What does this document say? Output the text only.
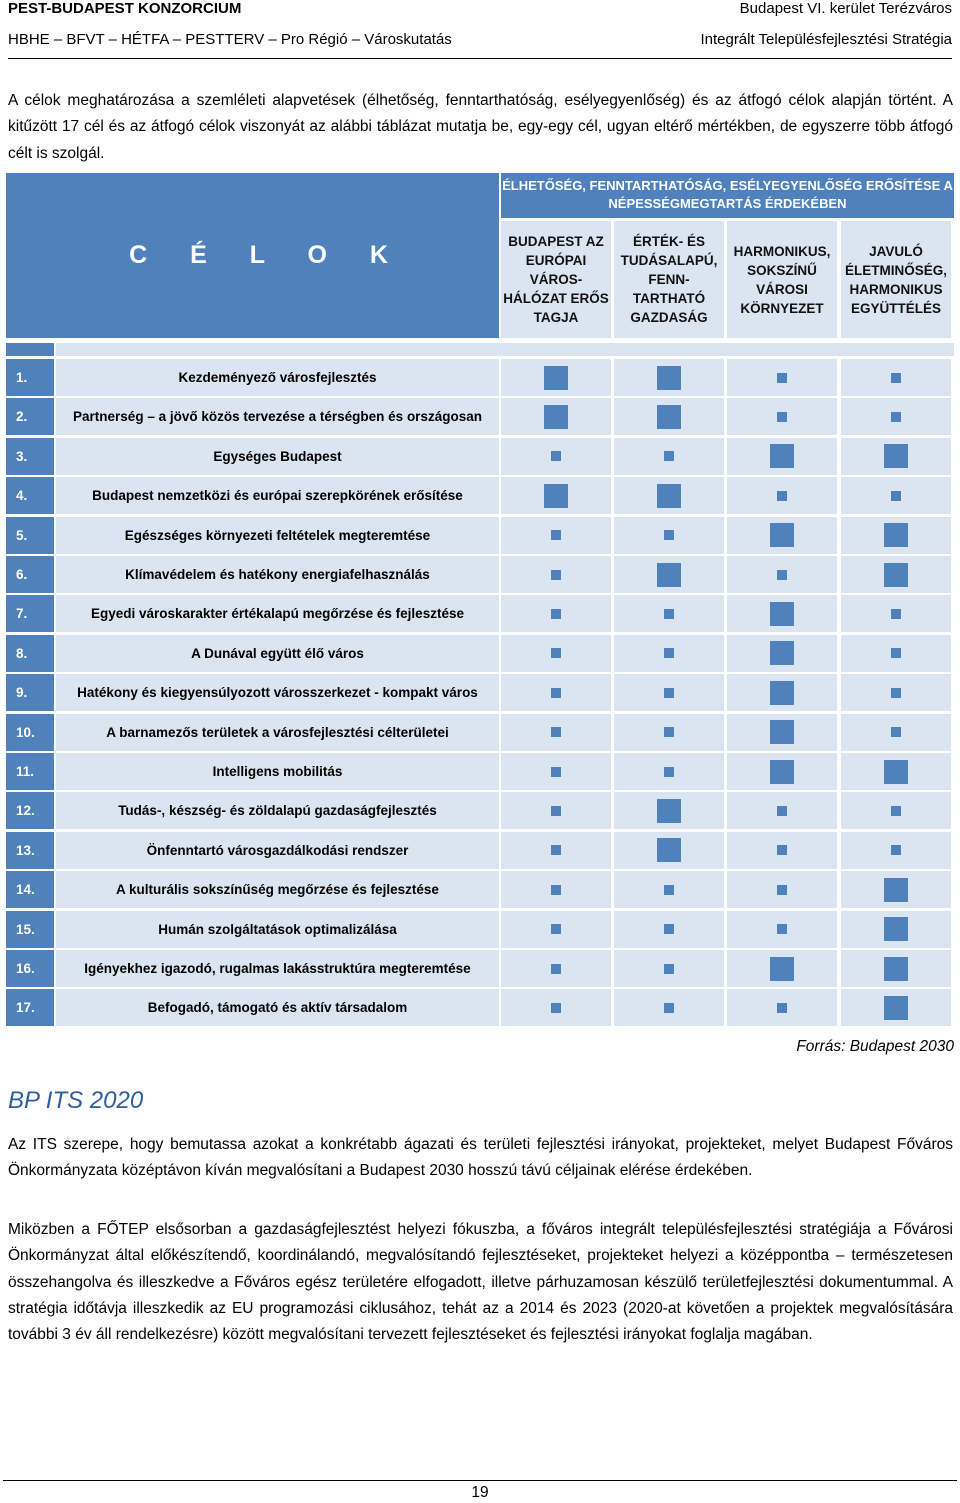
PEST-BUDAPEST KONZORCIUM	Budapest VI. kerület Terézváros
HBHE – BFVT – HÉTFA – PESTTERV – Pro Régió – Városkutatás	Integrált Településfejlesztési Stratégia

A célok meghatározása a szemléleti alapvetések (élhetőség, fenntarthatóság, esélyegyenlőség) és az átfogó célok alapján történt. A kitűzött 17 cél és az átfogó célok viszonyát az alábbi táblázat mutatja be, egy-egy cél, ugyan eltérő mértékben, de egyszerre több átfogó célt is szolgál.

C É L O K
ÉLHETŐSÉG, FENNTARTHATÓSÁG, ESÉLYEGYENLŐSÉG ERŐSÍTÉSE A NÉPESSÉGMEGTARTÁS ÉRDEKÉBEN
BUDAPEST AZ EURÓPAI VÁROS-HÁLÓZAT ERŐS TAGJA
ÉRTÉK- ÉS TUDÁSALAPÚ, FENN-TARTHATÓ GAZDASÁG
HARMONIKUS, SOKSZÍNŰ VÁROSI KÖRNYEZET
JAVULÓ ÉLETMINŐSÉG, HARMONIKUS EGYÜTTÉLÉS
1.	Kezdeményező városfejlesztés
2.	Partnerség – a jövő közös tervezése a térségben és országosan
3.	Egységes Budapest
4.	Budapest nemzetközi és európai szerepkörének erősítése
5.	Egészséges környezeti feltételek megteremtése
6.	Klímavédelem és hatékony energiafelhasználás
7.	Egyedi városkarakter értékalapú megőrzése és fejlesztése
8.	A Dunával együtt élő város
9.	Hatékony és kiegyensúlyozott városszerkezet - kompakt város
10.	A barnamezős területek a városfejlesztési célterületei
11.	Intelligens mobilitás
12.	Tudás-, készség- és zöldalapú gazdaságfejlesztés
13.	Önfenntartó városgazdálkodási rendszer
14.	A kulturális sokszínűség megőrzése és fejlesztése
15.	Humán szolgáltatások optimalizálása
16.	Igényekhez igazodó, rugalmas lakásstruktúra megteremtése
17.	Befogadó, támogató és aktív társadalom
Forrás: Budapest 2030
BP ITS 2020

Az ITS szerepe, hogy bemutassa azokat a konkrétabb ágazati és területi fejlesztési irányokat, projekteket, melyet Budapest Főváros Önkormányzata középtávon kíván megvalósítani a Budapest 2030 hosszú távú céljainak elérése érdekében.

Miközben a FŐTEP elsősorban a gazdaságfejlesztést helyezi fókuszba, a főváros integrált településfejlesztési stratégiája a Fővárosi Önkormányzat által előkészítendő, koordinálandó, megvalósítandó fejlesztéseket, projekteket helyezi a középpontba – természetesen összehangolva és illeszkedve a Főváros egész területére elfogadott, illetve párhuzamosan készülő területfejlesztési dokumentummal. A stratégia időtávja illeszkedik az EU programozási ciklusához, tehát az a 2014 és 2023 (2020-at követően a projektek megvalósítására további 3 év áll rendelkezésre) között megvalósítani tervezett fejlesztéseket és fejlesztési irányokat foglalja magában.

19
